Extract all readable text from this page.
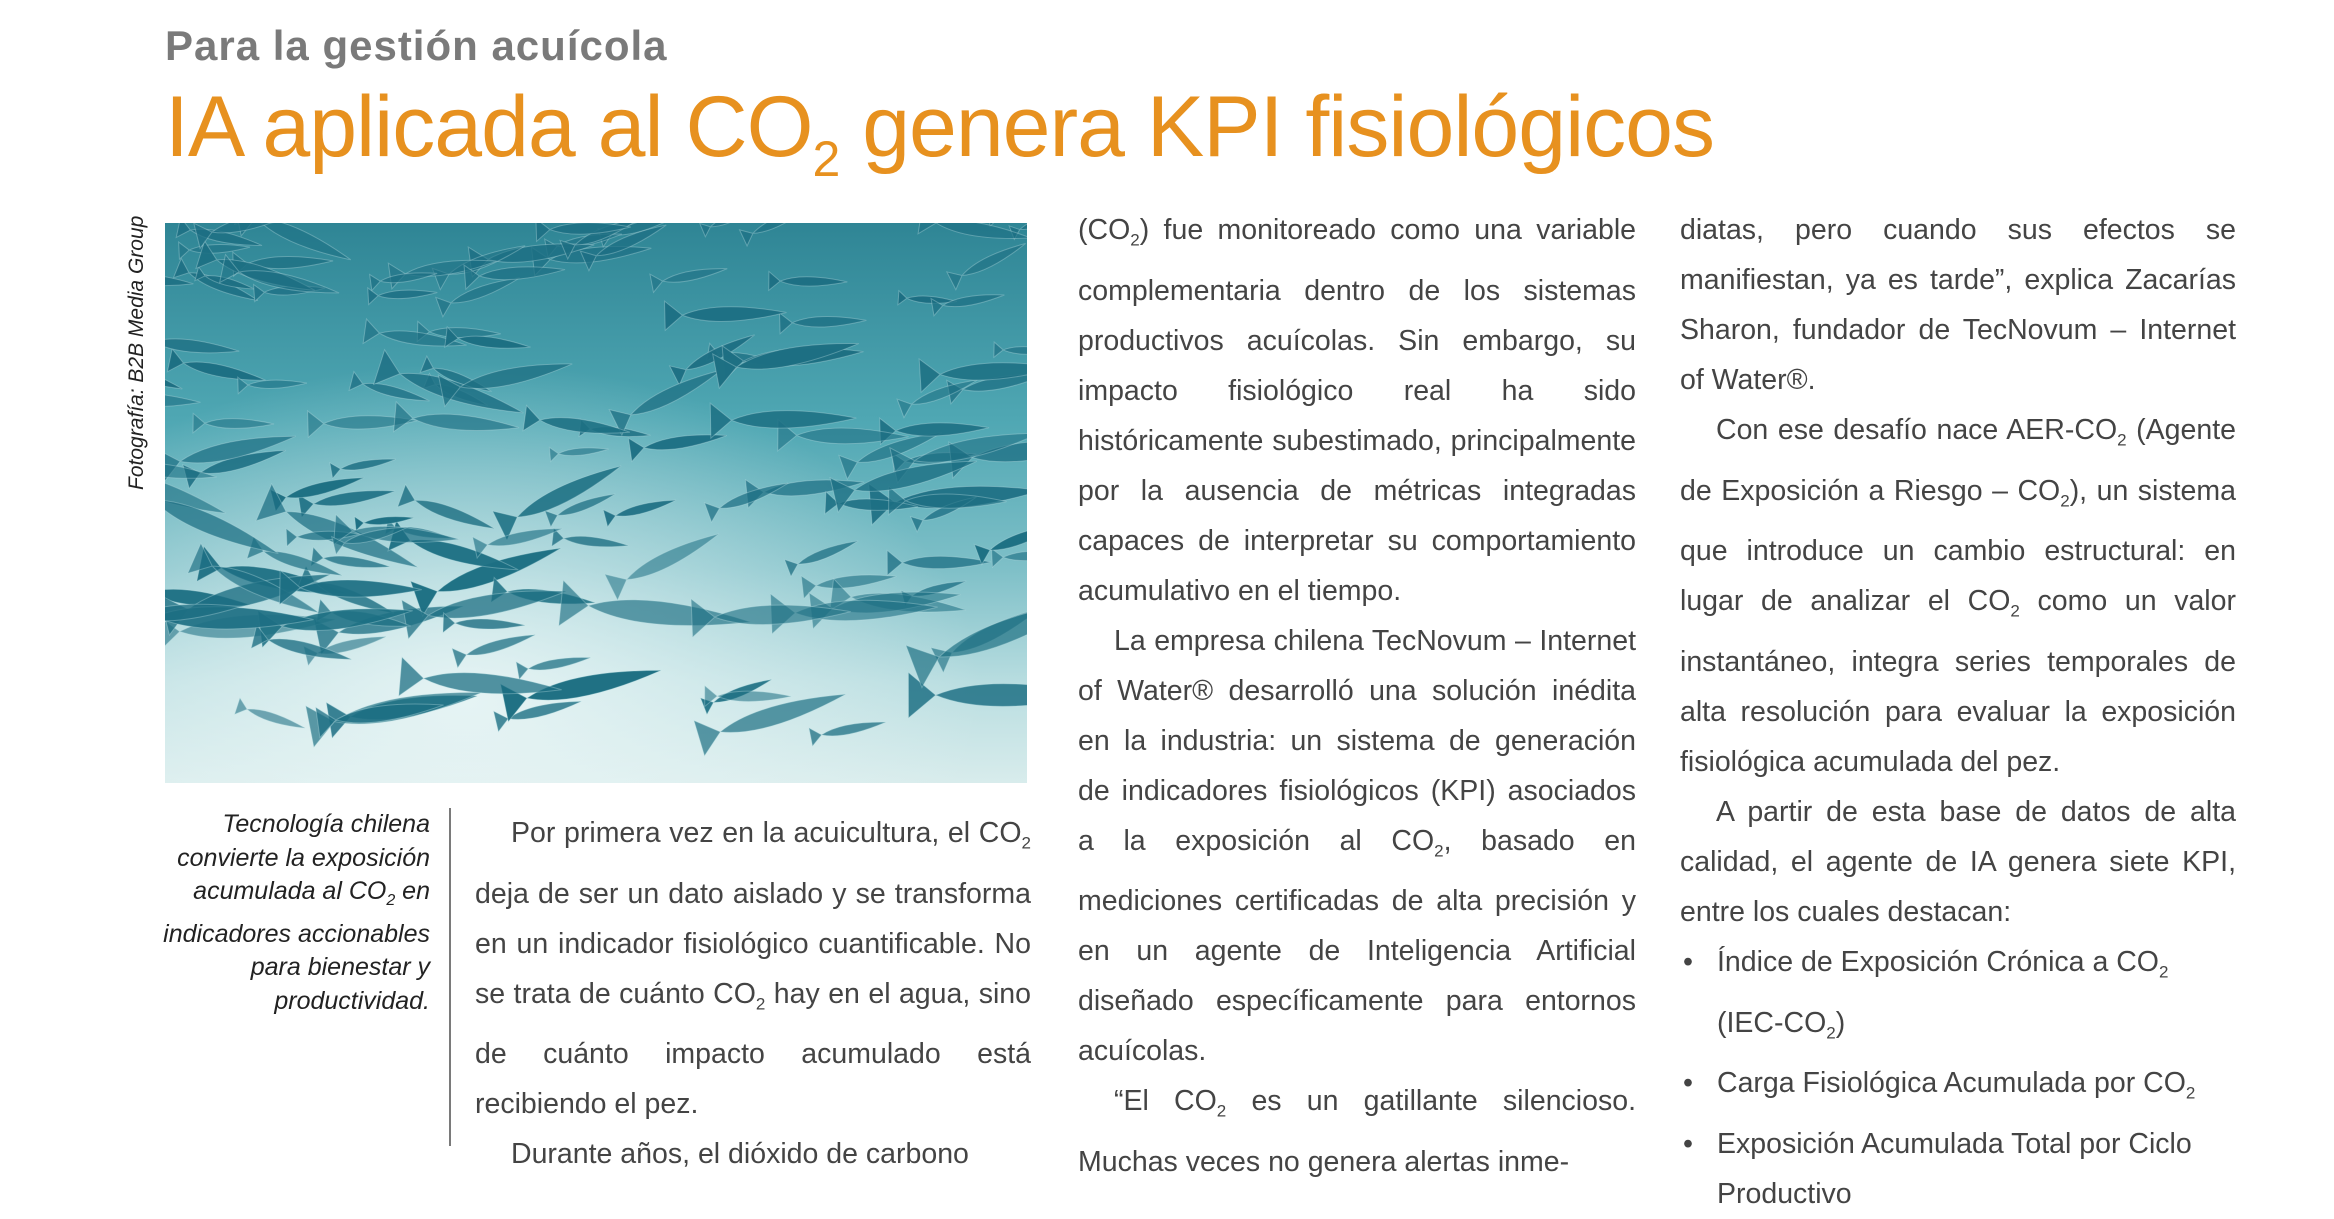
Para la gestión acuícola
IA aplicada al $CO_2$ genera KPI fisiológicos
Fotografía: B2B Media Group
Tecnología chilena
convierte la exposición
acumulada al $CO_2$ en
indicadores accionables
para bienestar y
productividad.

Por primera vez en la acuicultura, el $CO_2$ deja de ser un dato aislado y se transforma en un indicador fisiológico cuantificable. No se trata de cuánto $CO_2$ hay en el agua, sino de cuánto impacto acumulado está recibiendo el pez.

Durante años, el dióxido de carbono

$(CO_2)$ fue monitoreado como una variable complementaria dentro de los sistemas productivos acuícolas. Sin embargo, su impacto fisiológico real ha sido históricamente subestimado, principalmente por la ausencia de métricas integradas capaces de interpretar su comportamiento acumulativo en el tiempo.

La empresa chilena TecNovum – Internet of Water® desarrolló una solución inédita en la industria: un sistema de generación de indicadores fisiológicos (KPI) asociados a la exposición al $CO_2$, basado en mediciones certificadas de alta precisión y en un agente de Inteligencia Artificial diseñado específicamente para entornos acuícolas.

“El $CO_2$ es un gatillante silencioso. Muchas veces no genera alertas inme-

diatas, pero cuando sus efectos se manifiestan, ya es tarde”, explica Zacarías Sharon, fundador de TecNovum – Internet of Water®.

Con ese desafío nace AER-$CO_2$ (Agente de Exposición a Riesgo – $CO_2$), un sistema que introduce un cambio estructural: en lugar de analizar el $CO_2$ como un valor instantáneo, integra series temporales de alta resolución para evaluar la exposición fisiológica acumulada del pez.

A partir de esta base de datos de alta calidad, el agente de IA genera siete KPI, entre los cuales destacan:

• Índice de Exposición Crónica a $CO_2$ $(IEC-CO_2)$
• Carga Fisiológica Acumulada por $CO_2$
• Exposición Acumulada Total por Ciclo Productivo
